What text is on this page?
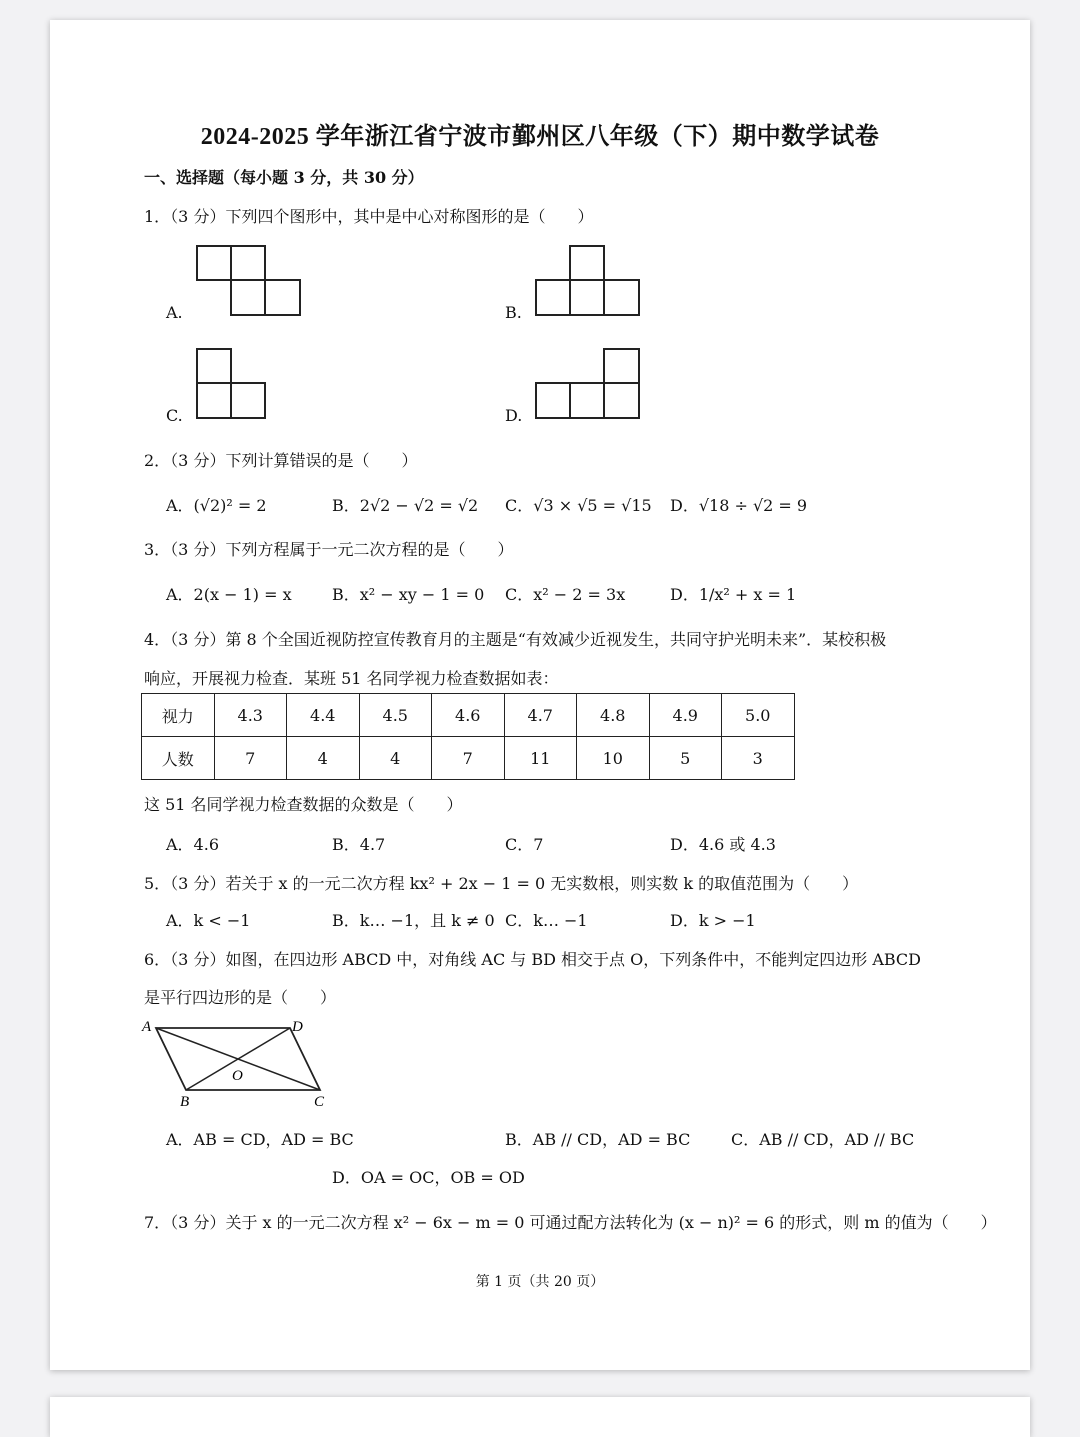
2024-2025 学年浙江省宁波市鄞州区八年级（下）期中数学试卷
一、选择题（每小题 3 分，共 30 分）
1．（3 分）下列四个图形中，其中是中心对称图形的是（　　）
A.	B.
C.	D.
2．（3 分）下列计算错误的是（　　）
A．(√2)² = 2	B．2√2 − √2 = √2 C．√3 × √5 = √15 D．√18 ÷ √2 = 9
3．（3 分）下列方程属于一元二次方程的是（　　）
A．2(x − 1) = x	B．x² − xy − 1 = 0 C．x² − 2 = 3x	D．1/x² + x = 1
4．（3 分）第 8 个全国近视防控宣传教育月的主题是“有效减少近视发生，共同守护光明未来”．某校积极
响应，开展视力检查．某班 51 名同学视力检查数据如表：
视力	4.3	4.4	4.5	4.6	4.7	4.8	4.9	5.0
人数	7	4	4	7	11	10	5	3
这 51 名同学视力检查数据的众数是（　　）
A．4.6	B．4.7	C．7	D．4.6 或 4.3
5．（3 分）若关于 x 的一元二次方程 kx² + 2x − 1 = 0 无实数根，则实数 k 的取值范围为（　　）
A．k < −1	B．k… −1，且 k ≠ 0 C．k… −1	D．k > −1
6．（3 分）如图，在四边形 ABCD 中，对角线 AC 与 BD 相交于点 O，下列条件中，不能判定四边形 ABCD
是平行四边形的是（　　）
A	D
B	C
O
A．AB = CD，AD = BC	B．AB // CD，AD = BC	C．AB // CD，AD // BC
D．OA = OC，OB = OD
7．（3 分）关于 x 的一元二次方程 x² − 6x − m = 0 可通过配方法转化为 (x − n)² = 6 的形式，则 m 的值为（　　）
第 1 页（共 20 页）
